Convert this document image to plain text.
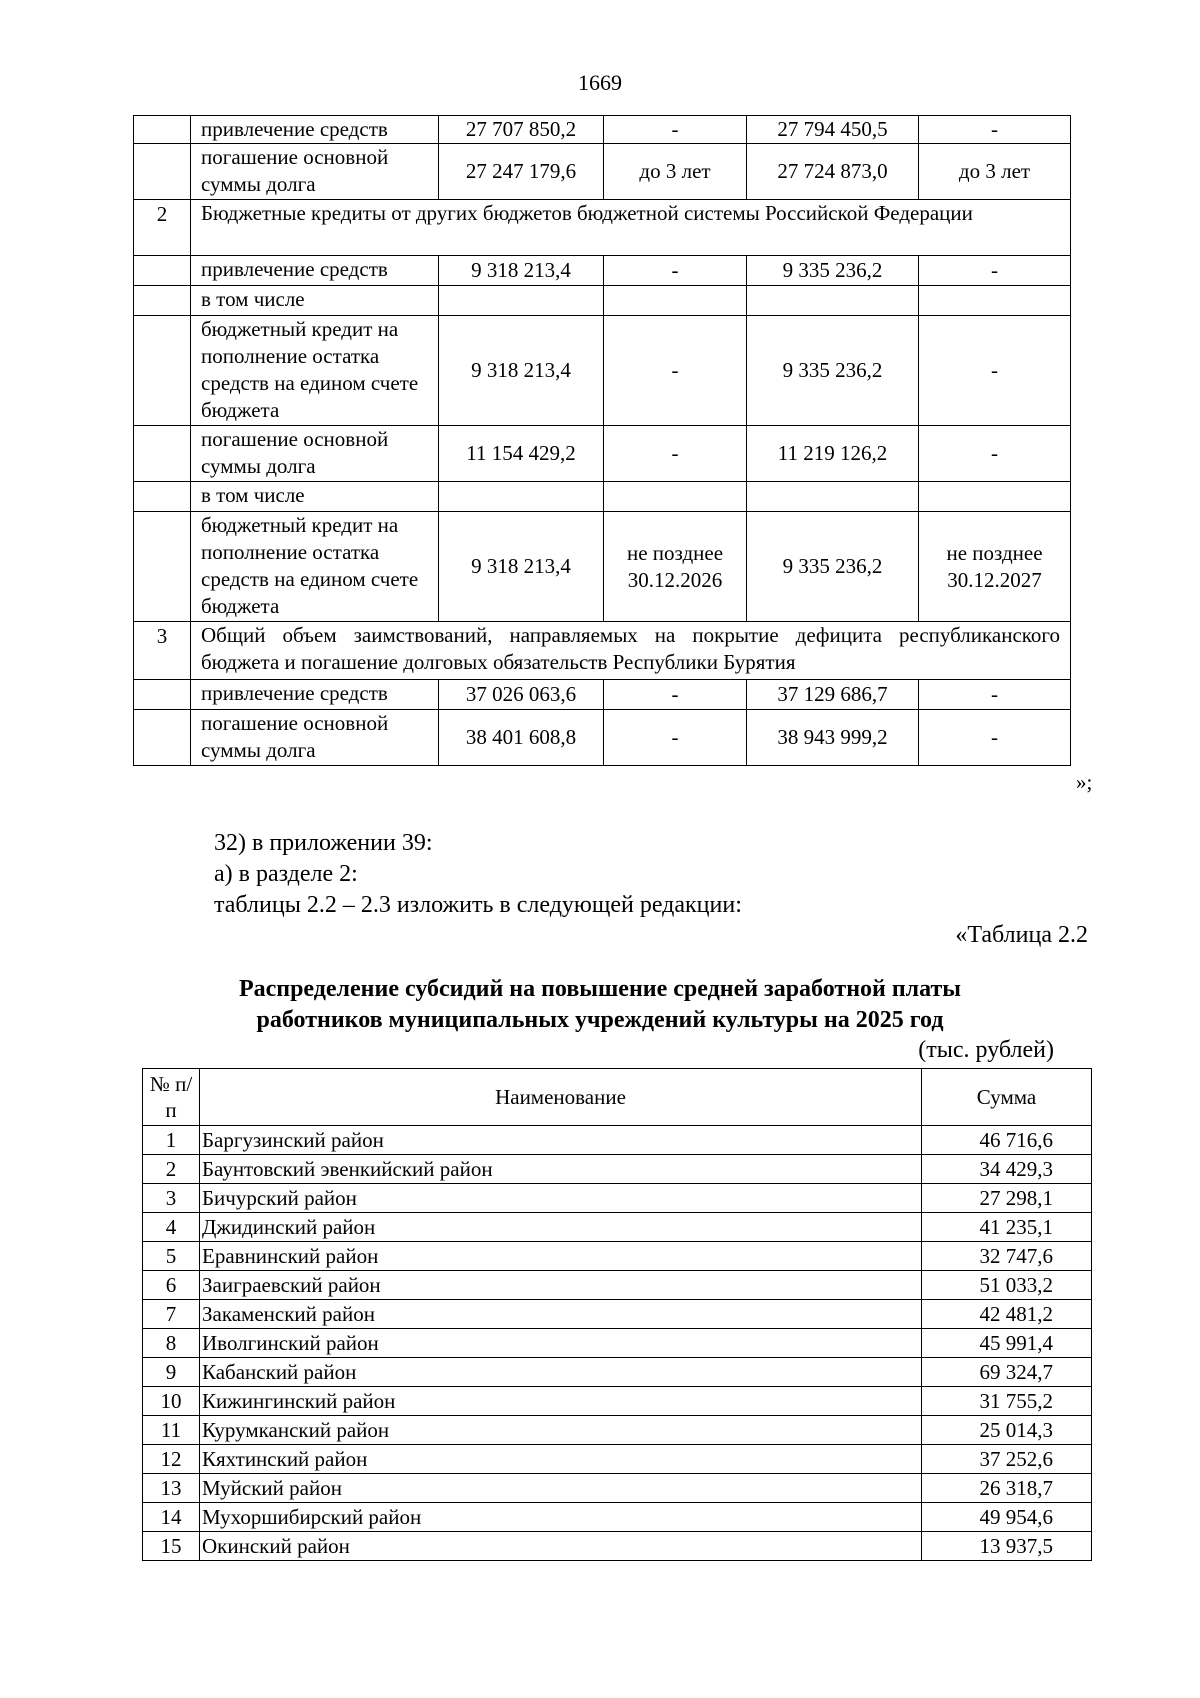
1669
	привлечение средств	27 707 850,2	-	27 794 450,5	-
	погашение основной суммы долга	27 247 179,6	до 3 лет	27 724 873,0	до 3 лет
2	Бюджетные кредиты от других бюджетов бюджетной системы Российской Федерации				
	привлечение средств	9 318 213,4	-	9 335 236,2	-
	в том числе				
	бюджетный кредит на пополнение остатка средств на едином счете бюджета	9 318 213,4	-	9 335 236,2	-
	погашение основной суммы долга	11 154 429,2	-	11 219 126,2	-
	в том числе				
	бюджетный кредит на пополнение остатка средств на едином счете бюджета	9 318 213,4	не позднее 30.12.2026	9 335 236,2	не позднее 30.12.2027
3	Общий объем заимствований, направляемых на покрытие дефицита республиканского бюджета и погашение долговых обязательств Республики Бурятия				
	привлечение средств	37 026 063,6	-	37 129 686,7	-
	погашение основной суммы долга	38 401 608,8	-	38 943 999,2	-
»;
32) в приложении 39:
а) в разделе 2:
таблицы 2.2 – 2.3 изложить в следующей редакции:
«Таблица 2.2
Распределение субсидий на повышение средней заработной платы
работников муниципальных учреждений культуры на 2025 год
(тыс. рублей)
№ п/п	Наименование	Сумма
1	Баргузинский район	46 716,6
2	Баунтовский эвенкийский район	34 429,3
3	Бичурский район	27 298,1
4	Джидинский район	41 235,1
5	Еравнинский район	32 747,6
6	Заиграевский район	51 033,2
7	Закаменский район	42 481,2
8	Иволгинский район	45 991,4
9	Кабанский район	69 324,7
10	Кижингинский район	31 755,2
11	Курумканский район	25 014,3
12	Кяхтинский район	37 252,6
13	Муйский район	26 318,7
14	Мухоршибирский район	49 954,6
15	Окинский район	13 937,5
